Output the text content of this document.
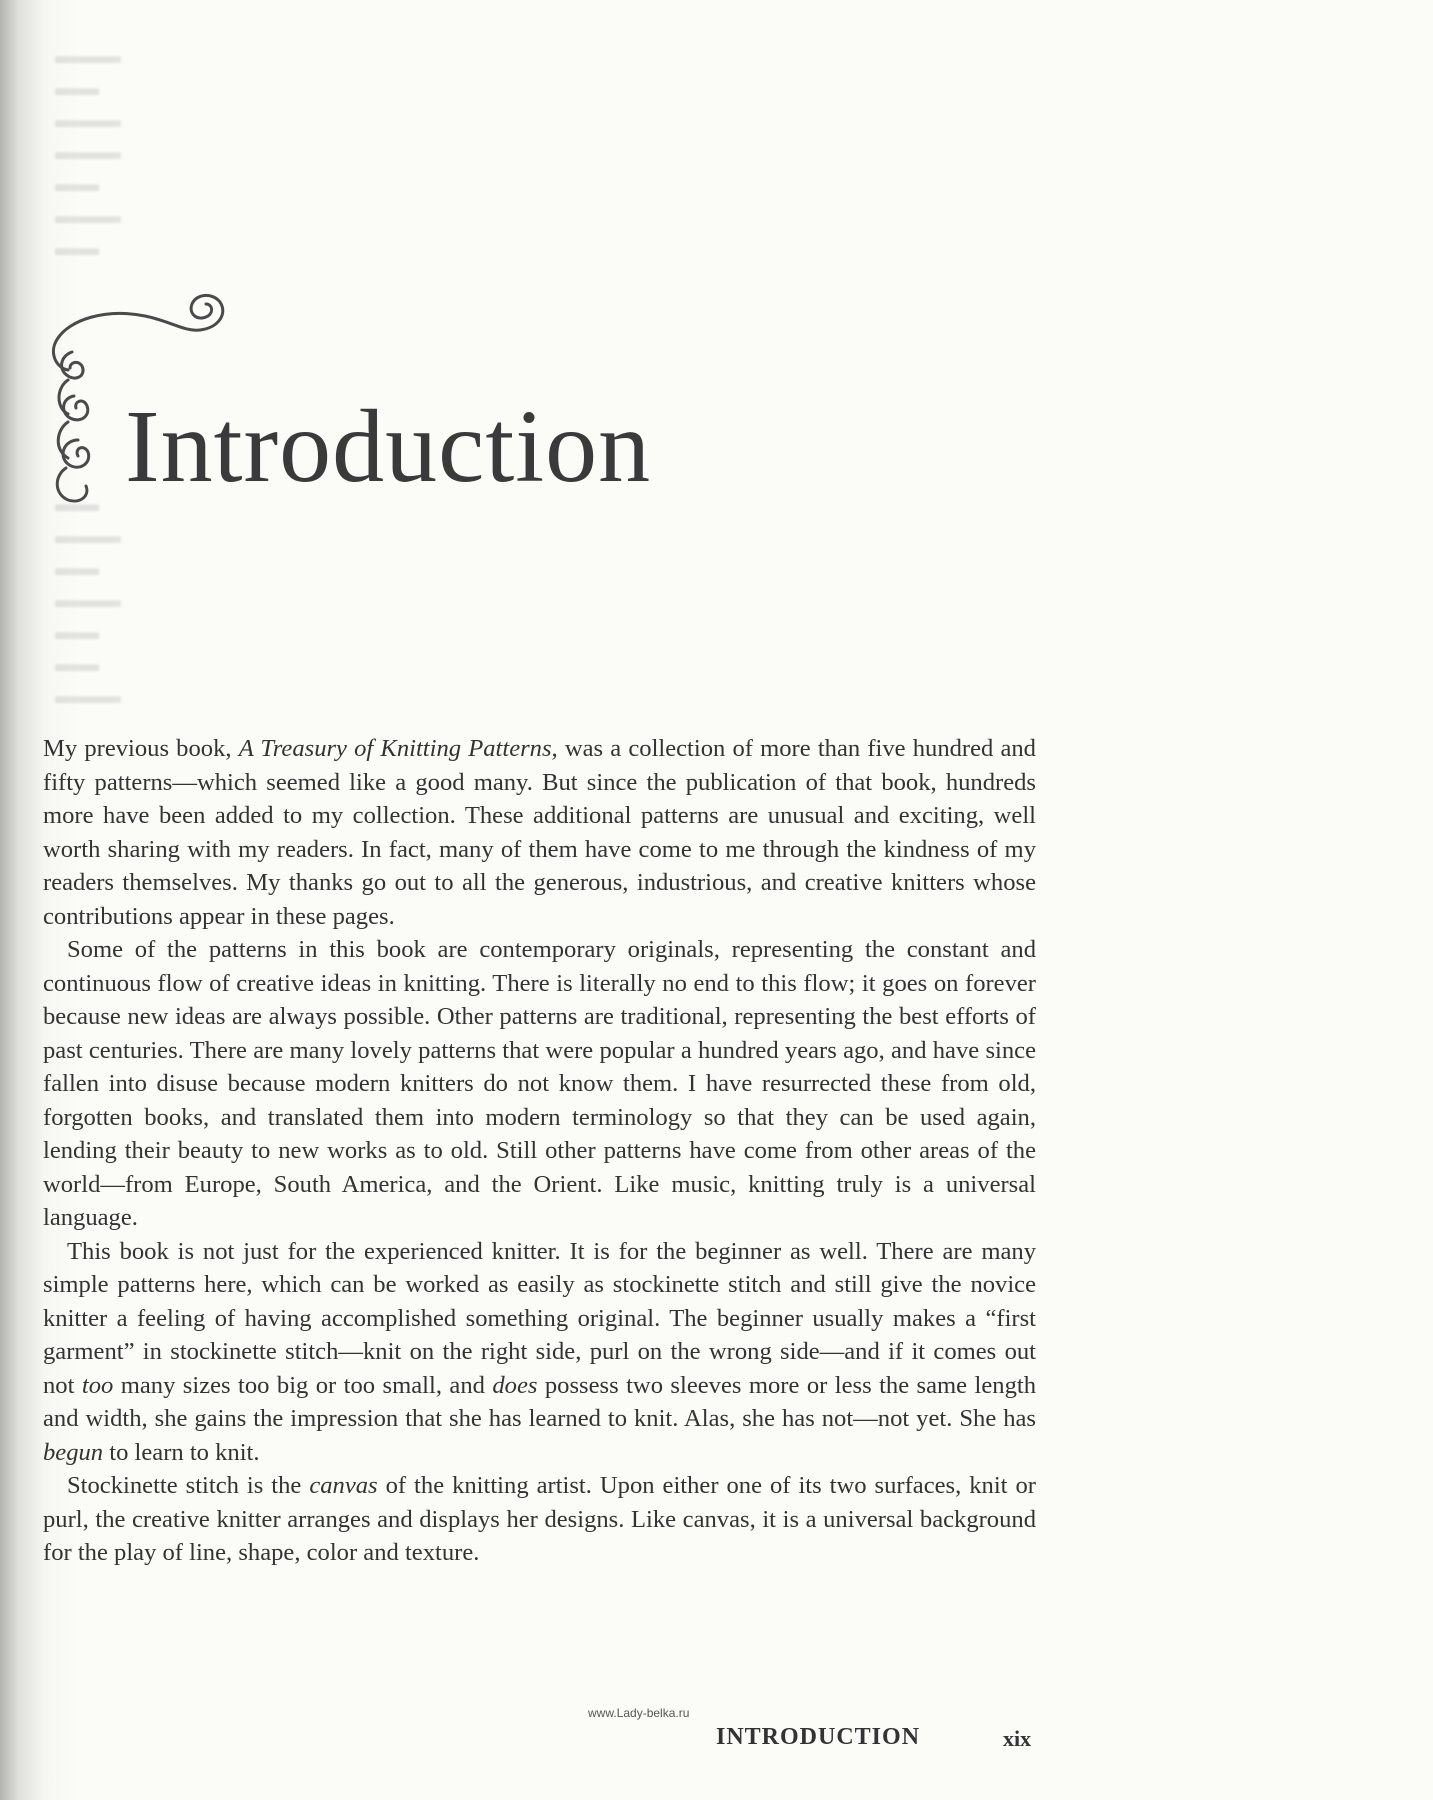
▬▬▬
▬▬
▬▬▬
▬▬▬
▬▬
▬▬▬
▬▬

▬▬
▬▬▬
▬▬
▬▬▬
▬▬
▬▬
▬▬▬
Introduction

My previous book, A Treasury of Knitting Patterns, was a collection of more than five hundred and fifty patterns—which seemed like a good many. But since the publication of that book, hundreds more have been added to my collection. These additional patterns are unusual and exciting, well worth sharing with my readers. In fact, many of them have come to me through the kindness of my readers themselves. My thanks go out to all the generous, industrious, and creative knitters whose contributions appear in these pages.

Some of the patterns in this book are contemporary originals, representing the constant and continuous flow of creative ideas in knitting. There is literally no end to this flow; it goes on forever because new ideas are always possible. Other patterns are traditional, representing the best efforts of past centuries. There are many lovely patterns that were popular a hundred years ago, and have since fallen into disuse because modern knitters do not know them. I have resurrected these from old, forgotten books, and translated them into modern terminology so that they can be used again, lending their beauty to new works as to old. Still other patterns have come from other areas of the world—from Europe, South America, and the Orient. Like music, knitting truly is a universal language.

This book is not just for the experienced knitter. It is for the beginner as well. There are many simple patterns here, which can be worked as easily as stockinette stitch and still give the novice knitter a feeling of having accomplished something original. The beginner usually makes a “first garment” in stockinette stitch—knit on the right side, purl on the wrong side—and if it comes out not too many sizes too big or too small, and does possess two sleeves more or less the same length and width, she gains the impression that she has learned to knit. Alas, she has not—not yet. She has begun to learn to knit.

Stockinette stitch is the canvas of the knitting artist. Upon either one of its two surfaces, knit or purl, the creative knitter arranges and displays her designs. Like canvas, it is a universal background for the play of line, shape, color and texture.

www.Lady-belka.ru
INTRODUCTION	xix
